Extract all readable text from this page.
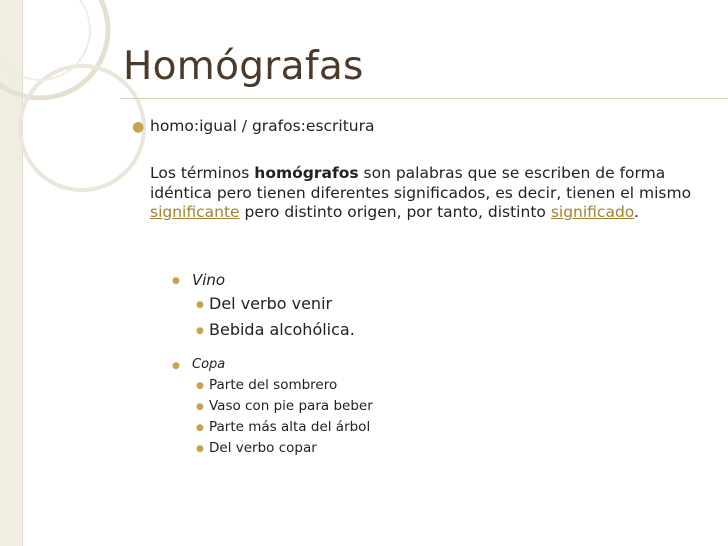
Homógrafas
● homo:igual / grafos:escritura

Los términos homógrafos son palabras que se escriben de forma idéntica pero tienen diferentes significados, es decir, tienen el mismo significante pero distinto origen, por tanto, distinto significado.

● Vino
● Del verbo venir
● Bebida alcohólica.
● Copa
● Parte del sombrero
● Vaso con pie para beber
● Parte más alta del árbol
● Del verbo copar
